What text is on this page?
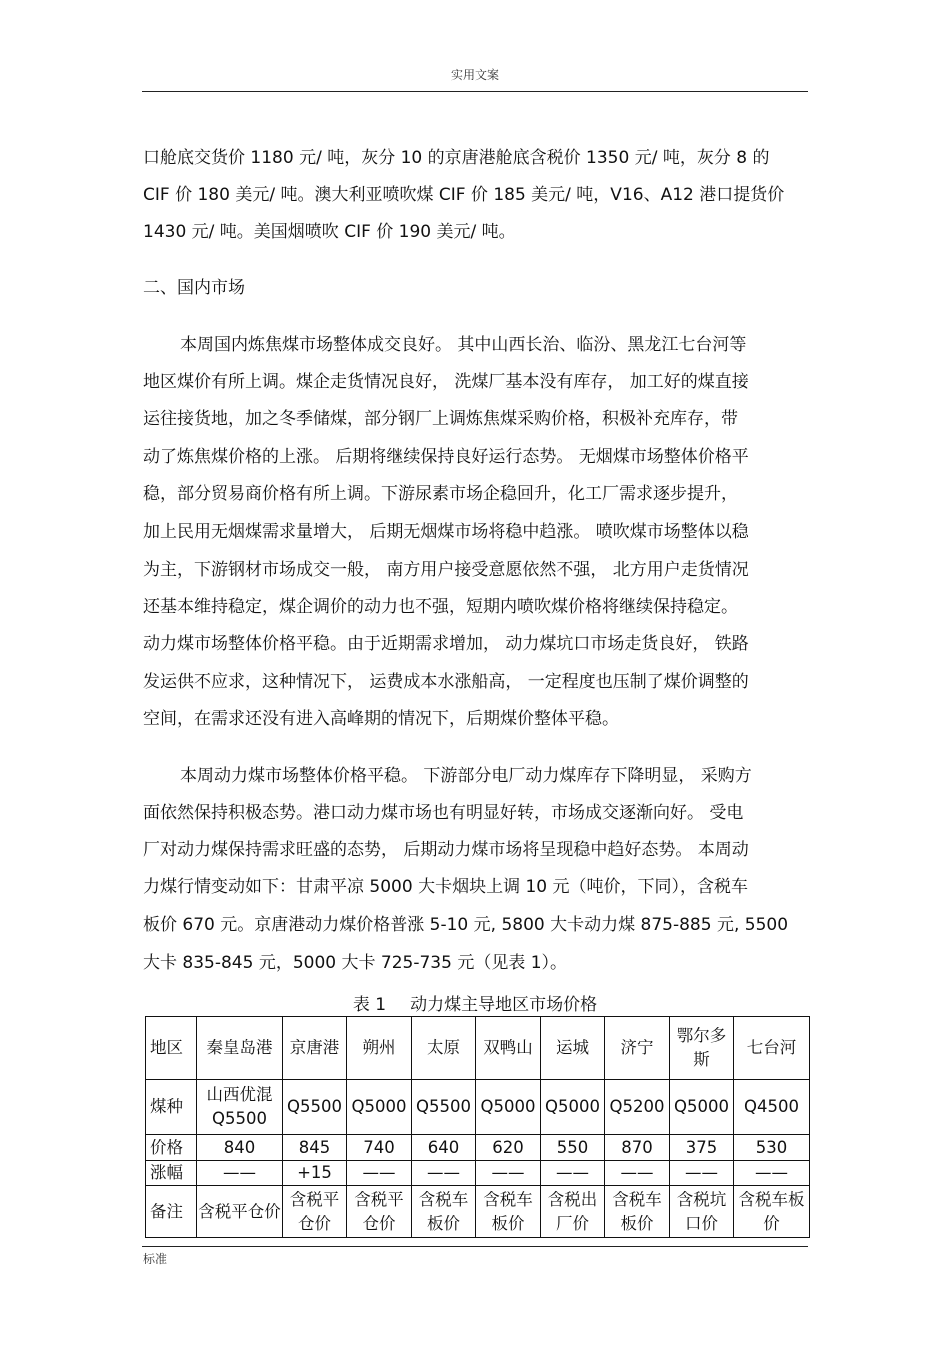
实用文案
口舱底交货价 1180 元/ 吨，灰分 10 的京唐港舱底含税价 1350 元/ 吨，灰分 8 的
CIF 价 180 美元/ 吨。澳大利亚喷吹煤 CIF 价 185 美元/ 吨，V16、A12 港口提货价
1430 元/ 吨。美国烟喷吹 CIF 价 190 美元/ 吨。
二、国内市场
本周国内炼焦煤市场整体成交良好。 其中山西长治、临汾、黑龙江七台河等
地区煤价有所上调。煤企走货情况良好， 洗煤厂基本没有库存， 加工好的煤直接
运往接货地，加之冬季储煤，部分钢厂上调炼焦煤采购价格，积极补充库存，带
动了炼焦煤价格的上涨。 后期将继续保持良好运行态势。 无烟煤市场整体价格平
稳，部分贸易商价格有所上调。下游尿素市场企稳回升，化工厂需求逐步提升，
加上民用无烟煤需求量增大， 后期无烟煤市场将稳中趋涨。 喷吹煤市场整体以稳
为主，下游钢材市场成交一般， 南方用户接受意愿依然不强， 北方用户走货情况
还基本维持稳定，煤企调价的动力也不强，短期内喷吹煤价格将继续保持稳定。
动力煤市场整体价格平稳。由于近期需求增加， 动力煤坑口市场走货良好， 铁路
发运供不应求，这种情况下， 运费成本水涨船高， 一定程度也压制了煤价调整的
空间，在需求还没有进入高峰期的情况下，后期煤价整体平稳。
本周动力煤市场整体价格平稳。 下游部分电厂动力煤库存下降明显， 采购方
面依然保持积极态势。港口动力煤市场也有明显好转，市场成交逐渐向好。 受电
厂对动力煤保持需求旺盛的态势， 后期动力煤市场将呈现稳中趋好态势。 本周动
力煤行情变动如下：甘肃平凉 5000 大卡烟块上调 10 元（吨价，下同），含税车
板价 670 元。京唐港动力煤价格普涨 5-10 元, 5800 大卡动力煤 875-885 元, 5500
大卡 835-845 元，5000 大卡 725-735 元（见表 1）。
表 1 动力煤主导地区市场价格
地区	秦皇岛港	京唐港	朔州	太原	双鸭山	运城	济宁	鄂尔多斯	七台河
煤种	山西优混 Q5500	Q5500	Q5000	Q5500	Q5000	Q5000	Q5200	Q5000	Q4500
价格	840	845	740	640	620	550	870	375	530
涨幅	——	+15	——	——	——	——	——	——	——
备注	含税平仓价	含税平仓价	含税平仓价	含税车板价	含税车板价	含税出厂价	含税车板价	含税坑口价	含税车板价
标准
